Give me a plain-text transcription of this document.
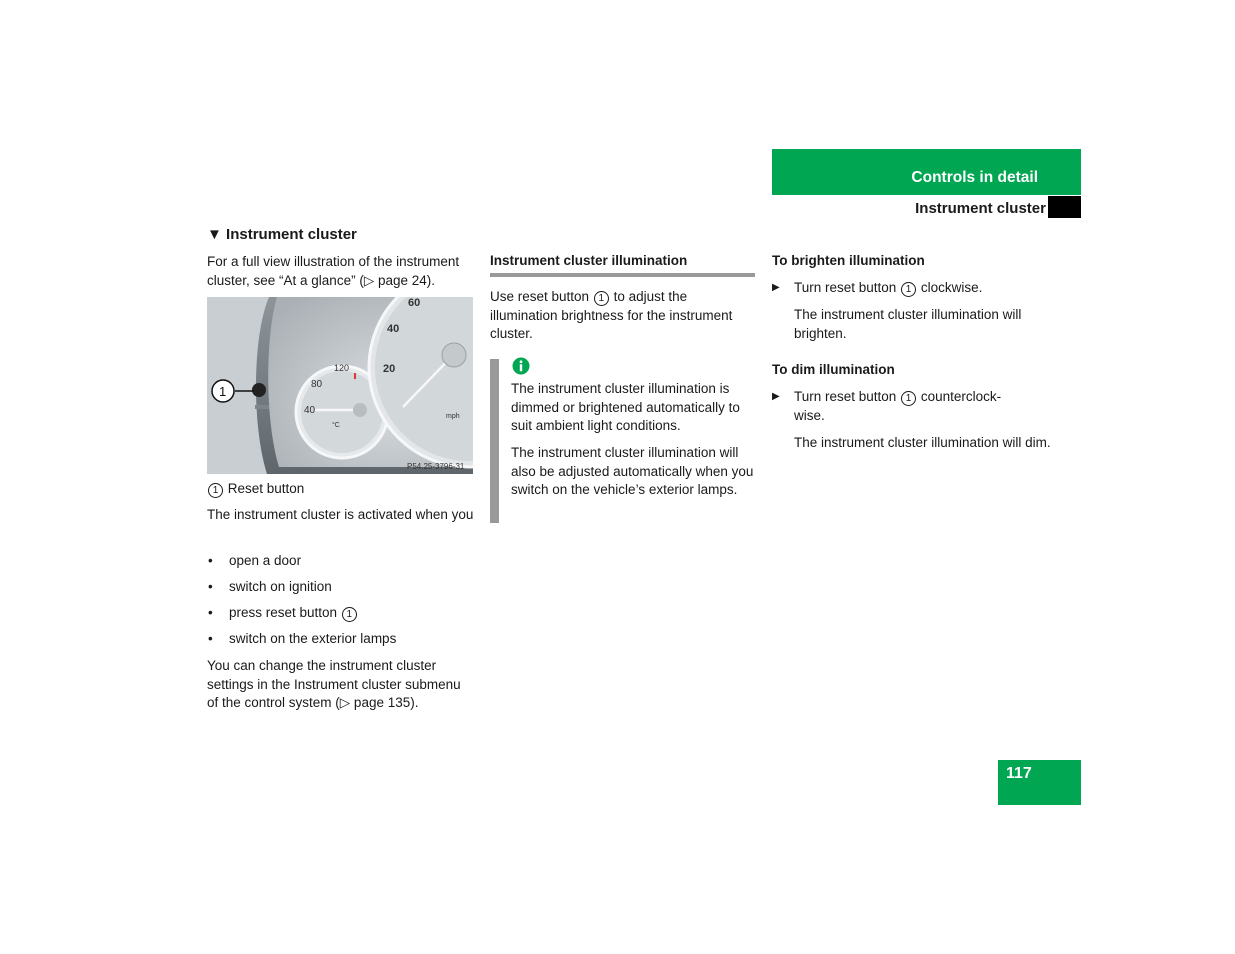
Controls in detail
Instrument cluster
▼ Instrument cluster

For a full view illustration of the instrument cluster, see “At a glance” (▷ page 24).

60
40
20
120
80
40
mph
°C
1
P54.25-3796-31

1 Reset button

The instrument cluster is activated when you

• open a door
• switch on ignition
• press reset button 1
• switch on the exterior lamps

You can change the instrument cluster settings in the Instrument cluster submenu of the control system (▷ page 135).

Instrument cluster illumination

Use reset button 1 to adjust the illumination brightness for the instrument cluster.

The instrument cluster illumination is dimmed or brightened automatically to suit ambient light conditions.

The instrument cluster illumination will also be adjusted automatically when you switch on the vehicle’s exterior lamps.

To brighten illumination
▶ Turn reset button 1 clockwise.

The instrument cluster illumination will brighten.

To dim illumination
▶ Turn reset button 1 counterclock-wise.

The instrument cluster illumination will dim.

117
